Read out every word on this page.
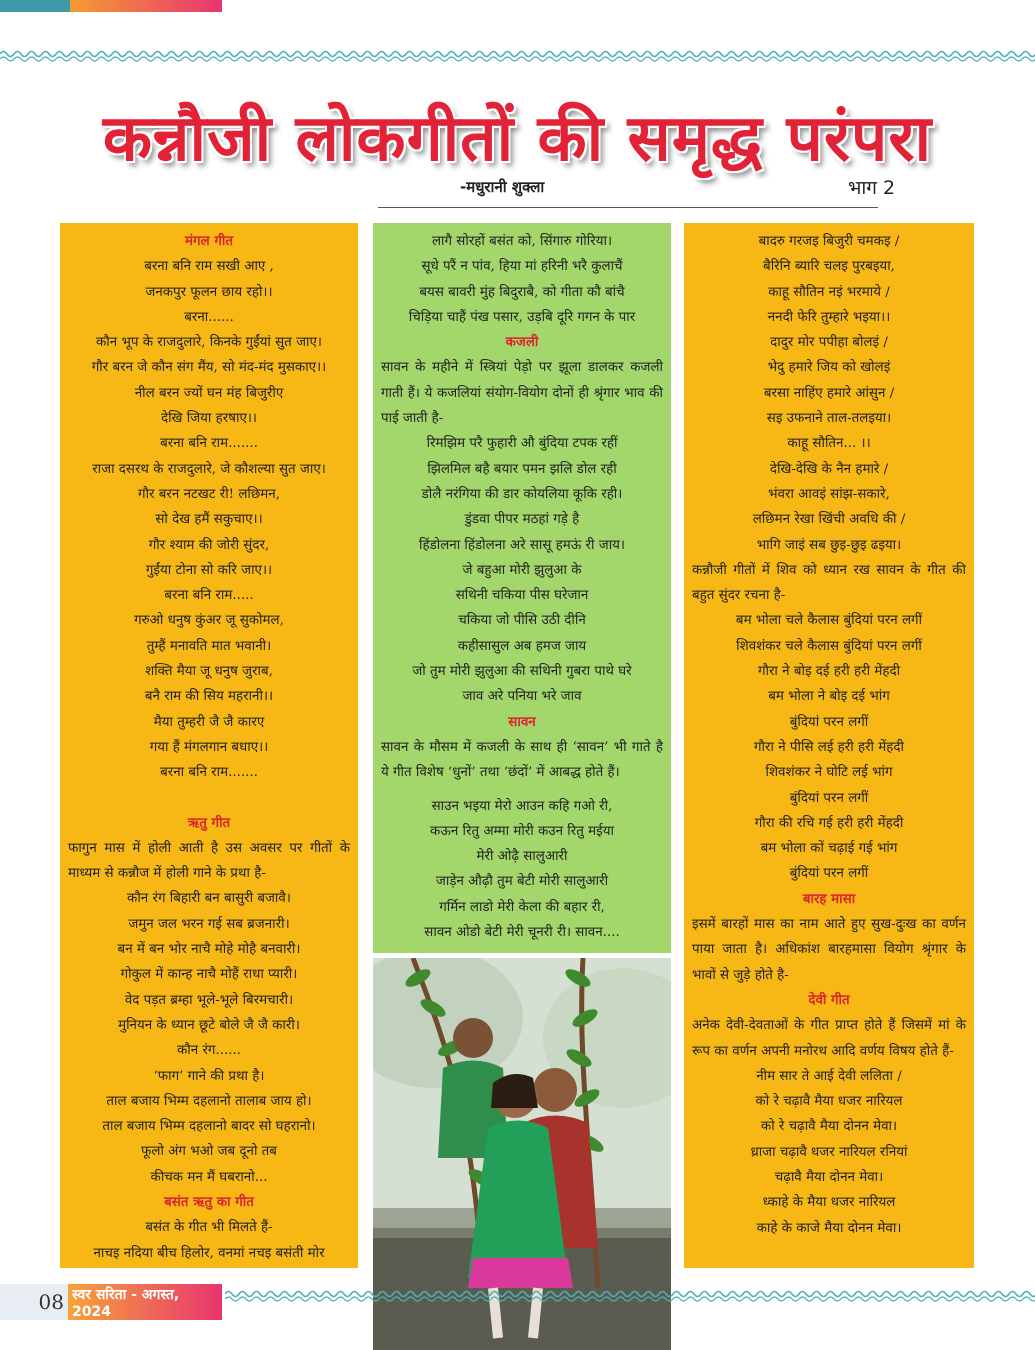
कन्नौजी लोकगीतों की समृद्ध परंपरा
-मधुरानी शुक्ला	भाग 2

मंगल गीत

बरना बनि राम सखी आए ,

जनकपुर फूलन छाय रहो।।

बरना......

कौन भूप के राजदुलारे, किनके गुईंयां सुत जाए।

गौर बरन जे कौन संग मैंय, सो मंद-मंद मुसकाए।।

नील बरन ज्यों घन मंह बिजुरीए

देखि जिया हरषाए।।

बरना बनि राम.......

राजा दसरथ के राजदुलारे, जे कौशल्या सुत जाए।

गौर बरन नटखट री! लछिमन,

सो देख हमैं सकुचाए।।

गौर श्याम की जोरी सुंदर,

गुईंया टोना सो करि जाए।।

बरना बनि राम.....

गरुओ धनुष कुंअर जू सुकोमल,

तुम्हैं मनावति मात भवानी।

शक्ति मैया जू धनुष जुराब,

बनै राम की सिय महरानी।।

मैया तुम्हरी जै जै कारए

गया हैं मंगलगान बधाए।।

बरना बनि राम.......

ऋतु गीत

फागुन मास में होली आती है उस अवसर पर गीतों के माध्यम से कन्नौज में होली गाने के प्रथा है-

कौन रंग बिहारी बन बासुरी बजावै।

जमुन जल भरन गई सब ब्रजनारी।

बन में बन भोर नाचै मोहे मोहै बनवारी।

गोकुल में कान्ह नाचै मोहैं राधा प्यारी।

वेद पड़त ब्रम्हा भूले-भूले बिरमचारी।

मुनियन के ध्यान छूटे बोले जै जै कारी।

कौन रंग......

‘फाग’ गाने की प्रथा है।

ताल बजाय भिम्म दहलानो तालाब जाय हो।

ताल बजाय भिम्म दहलानो बादर सो घहरानो।

फूलो अंग भओ जब दूनो तब

कीचक मन मैं घबरानो...

बसंत ऋतु का गीत

बसंत के गीत भी मिलते हैं-

नाचइ नदिया बीच हिलोर, वनमां नचइ बसंती मोर

लागै सोरहों बसंत को, सिंगारु गोरिया।

सूधे परैं न पांव, हिया मां हरिनी भरै कुलाचैं

बयस बावरी मुंह बिदुराबै, को गीता कौ बांचै

चिड़िया चाहैं पंख पसार, उड़बि दूरि गगन के पार

कजली

सावन के महीने में स्त्रियां पेड़ो पर झूला डालकर कजली गाती हैं। ये कजलियां संयोग-वियोग दोनों ही श्रृंगार भाव की पाई जाती है-

रिमझिम परै फुहारी औ बुंदिया टपक रहीं

झिलमिल बहै बयार पमन झलि डोल रही

डोलै नरंगिया की डार कोयलिया कूकि रही।

डुंडवा पीपर मठहां गड़े है

हिंडोलना हिंडोलना अरे सासू हमऊं री जाय।

जे बहुआ मोरी झुलुआ के

सथिनी चकिया पीस घरेजान

चकिया जो पीसि उठी दीनि

कहीसासुल अब हमज जाय

जो तुम मोरी झुलुआ की सथिनी गुबरा पाथे घरे

जाव अरे पनिया भरे जाव

सावन

सावन के मौसम में कजली के साथ ही ‘सावन’ भी गाते है ये गीत विशेष ‘धुनों’ तथा ‘छंदों’ में आबद्ध होते हैं।

साउन भइया मेरो आउन कहि गओ री,

कऊन रितु अम्मा मोरी कउन रितु मईया

मेरी ओढ़ै सालुआरी

जाड़ेन औढ़ौ तुम बेटी मोरी सालुआरी

गर्मिन लाडो मेरी केला की बहार री,

सावन ओडो बेटी मेरी चूनरी री। सावन....

बादरु गरजइ बिजुरी चमकइ /

बैरिनि ब्यारि चलइ पुरबइया,

काहू सौतिन नइं भरमाये /

ननदी फेरि तुम्हारे भइया।।

दादुर मोर पपीहा बोलइं /

भेदु हमारे जिय को खोलइं

बरसा नाहिंए हमारे आंसुन /

सइ उफनाने ताल-तलइया।

काहू सौतिन... ।।

देखि-देखि के नैन हमारे /

भंवरा आवइं सांझ-सकारे,

लछिमन रेखा खिंची अवधि की /

भागि जाइं सब छुइ-छुइ ढइया।

कन्नौजी गीतों में शिव को ध्यान रख सावन के गीत की बहुत सुंदर रचना है-

बम भोला चले कैलास बुंदियां परन लगीं

शिवशंकर चले कैलास बुंदियां परन लगीं

गौरा ने बोइ दई हरी हरी मेंहदी

बम भोला ने बोइ दई भांग

बुंदियां परन लगीं

गौरा ने पीसि लई हरी हरी मेंहदी

शिवशंकर ने घोटि लई भांग

बुंदियां परन लगीं

गौरा की रचि गई हरी हरी मेंहदी

बम भोला कों चढ़ाई गई भांग

बुंदियां परन लगीं

बारह मासा

इसमें बारहों मास का नाम आते हुए सुख-दुःख का वर्णन पाया जाता है। अधिकांश बारहमासा वियोग श्रृंगार के भावों से जुड़े होते है-

देवी गीत

अनेक देवी-देवताओं के गीत प्राप्त होते हैं जिसमें मां के रूप का वर्णन अपनी मनोरथ आदि वर्णय विषय होते हैं-

नीम सार ते आई देवी ललिता /

को रे चढ़ावै मैया धजर नारियल

को रे चढ़ावै मैया दोनन मेवा।

ध्राजा चढ़ावै धजर नारियल रनियां

चढ़ावै मैया दोनन मेवा।

ध्काहे के मैया धजर नारियल

काहे के काजे मैया दोनन मेवा।

08 स्वर सरिता - अगस्त, 2024
